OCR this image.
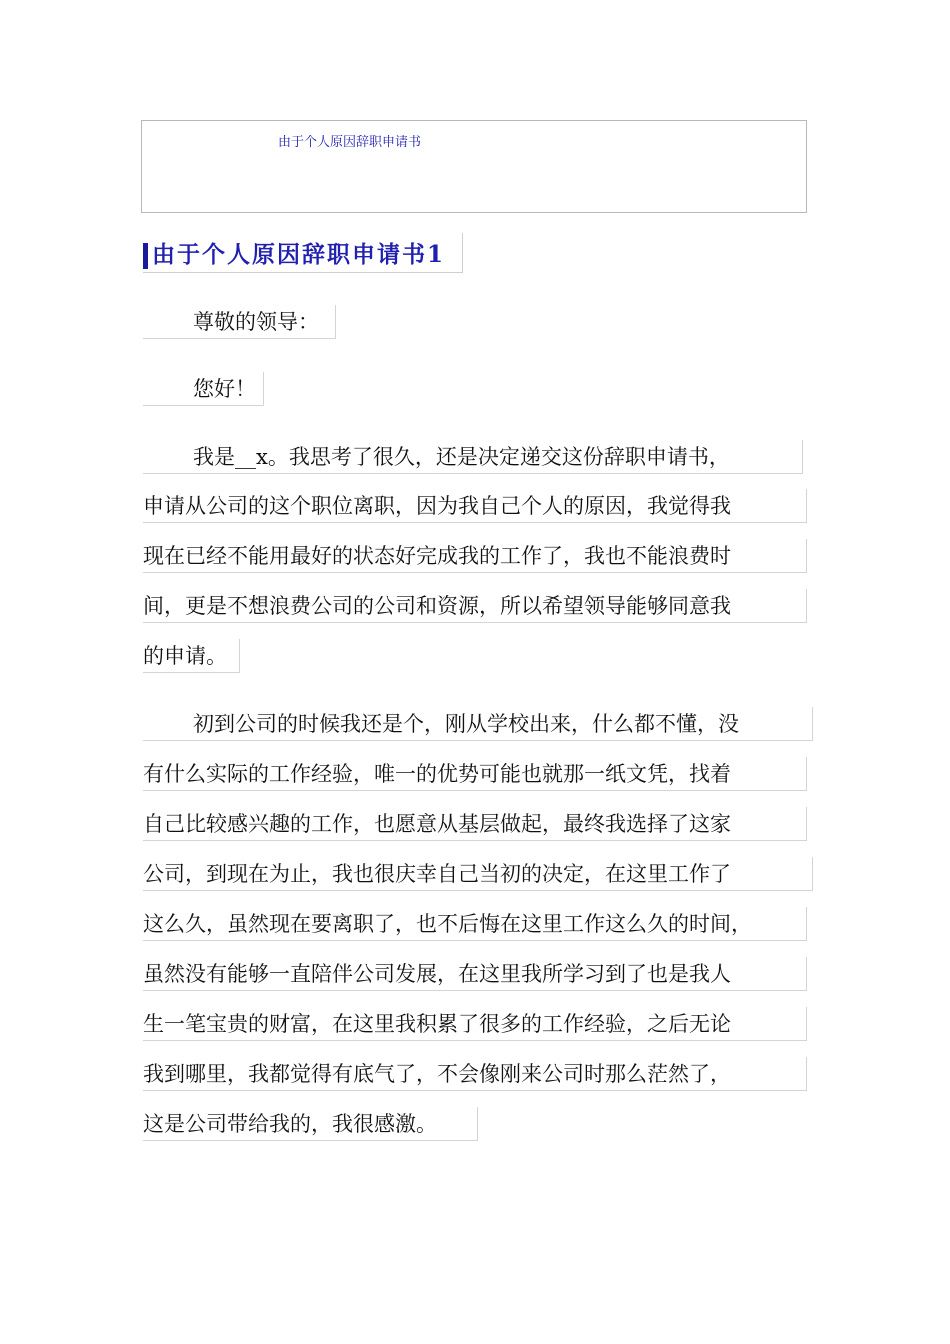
由于个人原因辞职申请书
由于个人原因辞职申请书1
尊敬的领导：
您好！
我是__x。我思考了很久，还是决定递交这份辞职申请书，
申请从公司的这个职位离职，因为我自己个人的原因，我觉得我
现在已经不能用最好的状态好完成我的工作了，我也不能浪费时
间，更是不想浪费公司的公司和资源，所以希望领导能够同意我
的申请。
初到公司的时候我还是个，刚从学校出来，什么都不懂，没
有什么实际的工作经验，唯一的优势可能也就那一纸文凭，找着
自己比较感兴趣的工作，也愿意从基层做起，最终我选择了这家
公司，到现在为止，我也很庆幸自己当初的决定，在这里工作了
这么久，虽然现在要离职了，也不后悔在这里工作这么久的时间，
虽然没有能够一直陪伴公司发展，在这里我所学习到了也是我人
生一笔宝贵的财富，在这里我积累了很多的工作经验，之后无论
我到哪里，我都觉得有底气了，不会像刚来公司时那么茫然了，
这是公司带给我的，我很感激。
